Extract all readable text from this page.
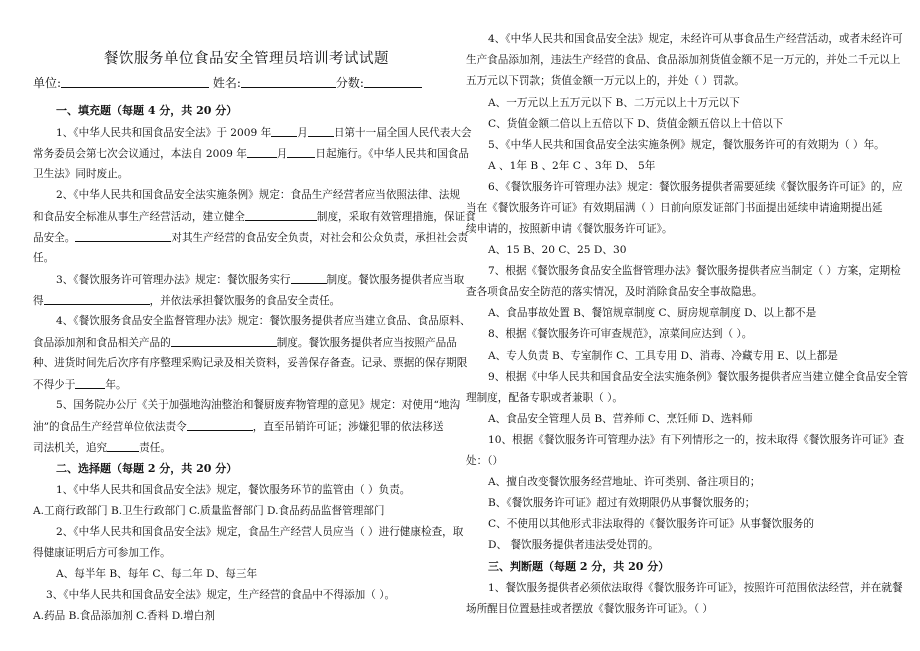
餐饮服务单位食品安全管理员培训考试试题
单位:	姓名:	分数:
一、填充题（每题 4 分，共 20 分）
1、《中华人民共和国食品安全法》于 2009 年 月 日第十一届全国人民代表大会
常务委员会第七次会议通过，本法自 2009 年	月	日起施行。《中华人民共和国食品
卫生法》同时废止。
2、《中华人民共和国食品安全法实施条例》规定：食品生产经营者应当依照法律、法规
和食品安全标准从事生产经营活动，建立健全	制度，采取有效管理措施，保证食
品安全。	对其生产经营的食品安全负责，对社会和公众负责，承担社会责
任。
3、《餐饮服务许可管理办法》规定：餐饮服务实行	制度。餐饮服务提供者应当取
得	，并依法承担餐饮服务的食品安全责任。
4、《餐饮服务食品安全监督管理办法》规定：餐饮服务提供者应当建立食品、食品原料、
食品添加剂和食品相关产品的	制度。餐饮服务提供者应当按照产品品
种、进货时间先后次序有序整理采购记录及相关资料，妥善保存备查。记录、票据的保存期限
不得少于	年。
5、国务院办公厅《关于加强地沟油整治和餐厨废弃物管理的意见》规定：对使用“地沟
油”的食品生产经营单位依法责令	，直至吊销许可证；涉嫌犯罪的依法移送
司法机关，追究	责任。
二、选择题（每题 2 分，共 20 分）
1、《中华人民共和国食品安全法》规定，餐饮服务环节的监管由（ ）负责。
A.工商行政部门 B.卫生行政部门 C.质量监督部门 D.食品药品监督管理部门
2、《中华人民共和国食品安全法》规定，食品生产经营人员应当（ ）进行健康检查，取
得健康证明后方可参加工作。
A、每半年 B、每年 C、每二年 D、每三年
3、《中华人民共和国食品安全法》规定，生产经营的食品中不得添加（ ）。
A.药品 B.食品添加剂 C.香料 D.增白剂
4、《中华人民共和国食品安全法》规定，未经许可从事食品生产经营活动，或者未经许可
生产食品添加剂，违法生产经营的食品、食品添加剂货值金额不足一万元的，并处二千元以上
五万元以下罚款；货值金额一万元以上的，并处（ ）罚款。
A、一万元以上五万元以下 B、二万元以上十万元以下
C、货值金额二倍以上五倍以下 D、货值金额五倍以上十倍以下
5、《中华人民共和国食品安全法实施条例》规定，餐饮服务许可的有效期为（ ）年。
A 、1年 B 、2年 C 、3年 D、 5年
6、《餐饮服务许可管理办法》规定：餐饮服务提供者需要延续《餐饮服务许可证》的，应
当在《餐饮服务许可证》有效期届满（ ）日前向原发证部门书面提出延续申请逾期提出延
续申请的，按照新申请《餐饮服务许可证》。
A、15 B、20 C、25 D、30
7、根据《餐饮服务食品安全监督管理办法》餐饮服务提供者应当制定（ ）方案，定期检
查各项食品安全防范的落实情况，及时消除食品安全事故隐患。
A、食品事故处置 B、餐馆规章制度 C、厨房规章制度 D、以上都不是
8、根据《餐饮服务许可审查规范》，凉菜间应达到（ ）。
A、专人负责 B、专室制作 C、工具专用 D、消毒、冷藏专用 E、以上都是
9、根据《中华人民共和国食品安全法实施条例》餐饮服务提供者应当建立健全食品安全管
理制度，配备专职或者兼职（ ）。
A、食品安全管理人员 B、营养师 C、烹饪师 D、选料师
10、根据《餐饮服务许可管理办法》有下列情形之一的，按未取得《餐饮服务许可证》查
处：（）
A、擅自改变餐饮服务经营地址、许可类别、备注项目的；
B、《餐饮服务许可证》超过有效期限仍从事餐饮服务的；
C、不使用以其他形式非法取得的《餐饮服务许可证》从事餐饮服务的
D、 餐饮服务提供者违法受处罚的。
三、判断题（每题 2 分，共 20 分）
1、餐饮服务提供者必须依法取得《餐饮服务许可证》，按照许可范围依法经营，并在就餐
场所醒目位置悬挂或者摆放《餐饮服务许可证》。（ ）
